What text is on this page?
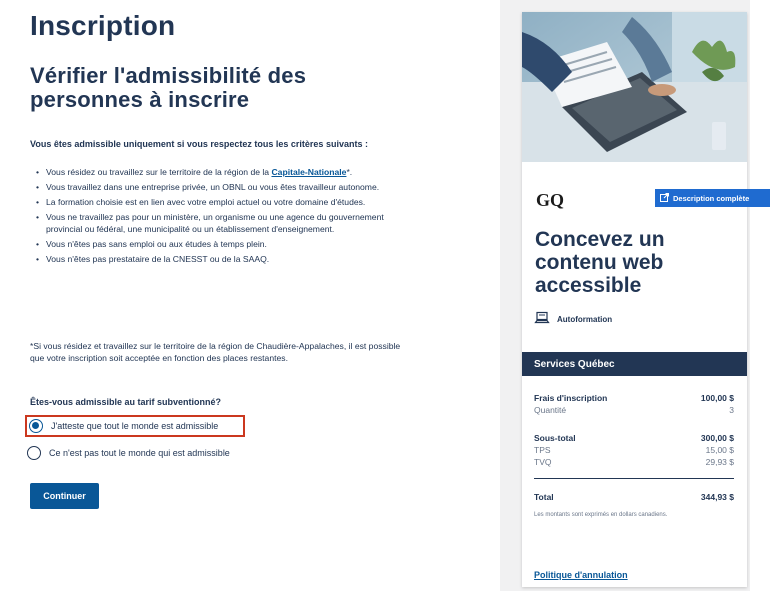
Inscription
Vérifier l'admissibilité des personnes à inscrire
Vous êtes admissible uniquement si vous respectez tous les critères suivants :
• Vous résidez ou travaillez sur le territoire de la région de la Capitale-Nationale*.
• Vous travaillez dans une entreprise privée, un OBNL ou vous êtes travailleur autonome.
• La formation choisie est en lien avec votre emploi actuel ou votre domaine d'études.
• Vous ne travaillez pas pour un ministère, un organisme ou une agence du gouvernement provincial ou fédéral, une municipalité ou un établissement d'enseignement.
• Vous n'êtes pas sans emploi ou aux études à temps plein.
• Vous n'êtes pas prestataire de la CNESST ou de la SAAQ.
*Si vous résidez et travaillez sur le territoire de la région de Chaudière-Appalaches, il est possible que votre inscription soit acceptée en fonction des places restantes.
Êtes-vous admissible au tarif subventionné?
J'atteste que tout le monde est admissible
Ce n'est pas tout le monde qui est admissible
Continuer
GQ	Description complète
Concevez un contenu web accessible
Autoformation
Services Québec
Frais d'inscription	100,00 $
Quantité	3
Sous-total	300,00 $
TPS	15,00 $
TVQ	29,93 $
Total	344,93 $
Les montants sont exprimés en dollars canadiens.
Politique d'annulation
